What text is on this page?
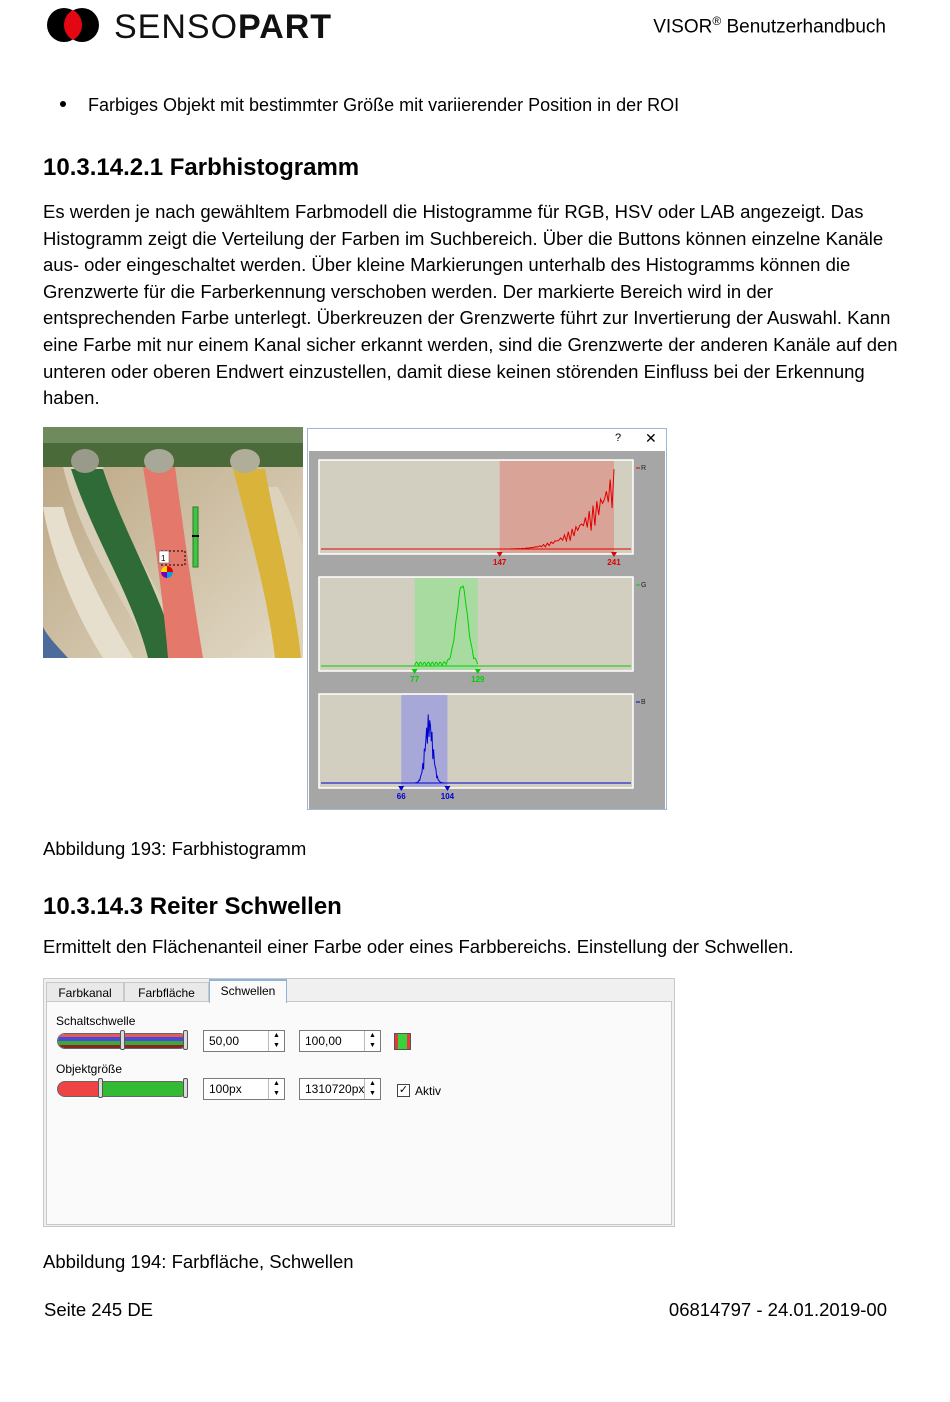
SENSOPART	VISOR® Benutzerhandbuch
Farbiges Objekt mit bestimmter Größe mit variierender Position in der ROI
10.3.14.2.1 Farbhistogramm

Es werden je nach gewähltem Farbmodell die Histogramme für RGB, HSV oder LAB angezeigt. Das Histogramm zeigt die Verteilung der Farben im Suchbereich. Über die Buttons können einzelne Kanäle aus- oder eingeschaltet werden. Über kleine Markierungen unterhalb des Histogramms können die Grenzwerte für die Farberkennung verschoben werden. Der markierte Bereich wird in der entsprechenden Farbe unterlegt. Überkreuzen der Grenzwerte führt zur Invertierung der Auswahl. Kann eine Farbe mit nur einem Kanal sicher erkannt werden, sind die Grenzwerte der anderen Kanäle auf den unteren oder oberen Endwert einzustellen, damit diese keinen störenden Einfluss bei der Erkennung haben.

1
? ✕
R
147	241
G
77	129
B
66	104
Abbildung 193: Farbhistogramm
10.3.14.3 Reiter Schwellen

Ermittelt den Flächenanteil einer Farbe oder eines Farbbereichs. Einstellung der Schwellen.

Farbkanal	Farbfläche	Schwellen
Schaltschwelle
50,00	▲
▼	100,00	▲
▼
Objektgröße
100px	▲
▼	1310720px ▲
▼	✓ Aktiv
Abbildung 194: Farbfläche, Schwellen
Seite 245 DE	06814797 - 24.01.2019-00
